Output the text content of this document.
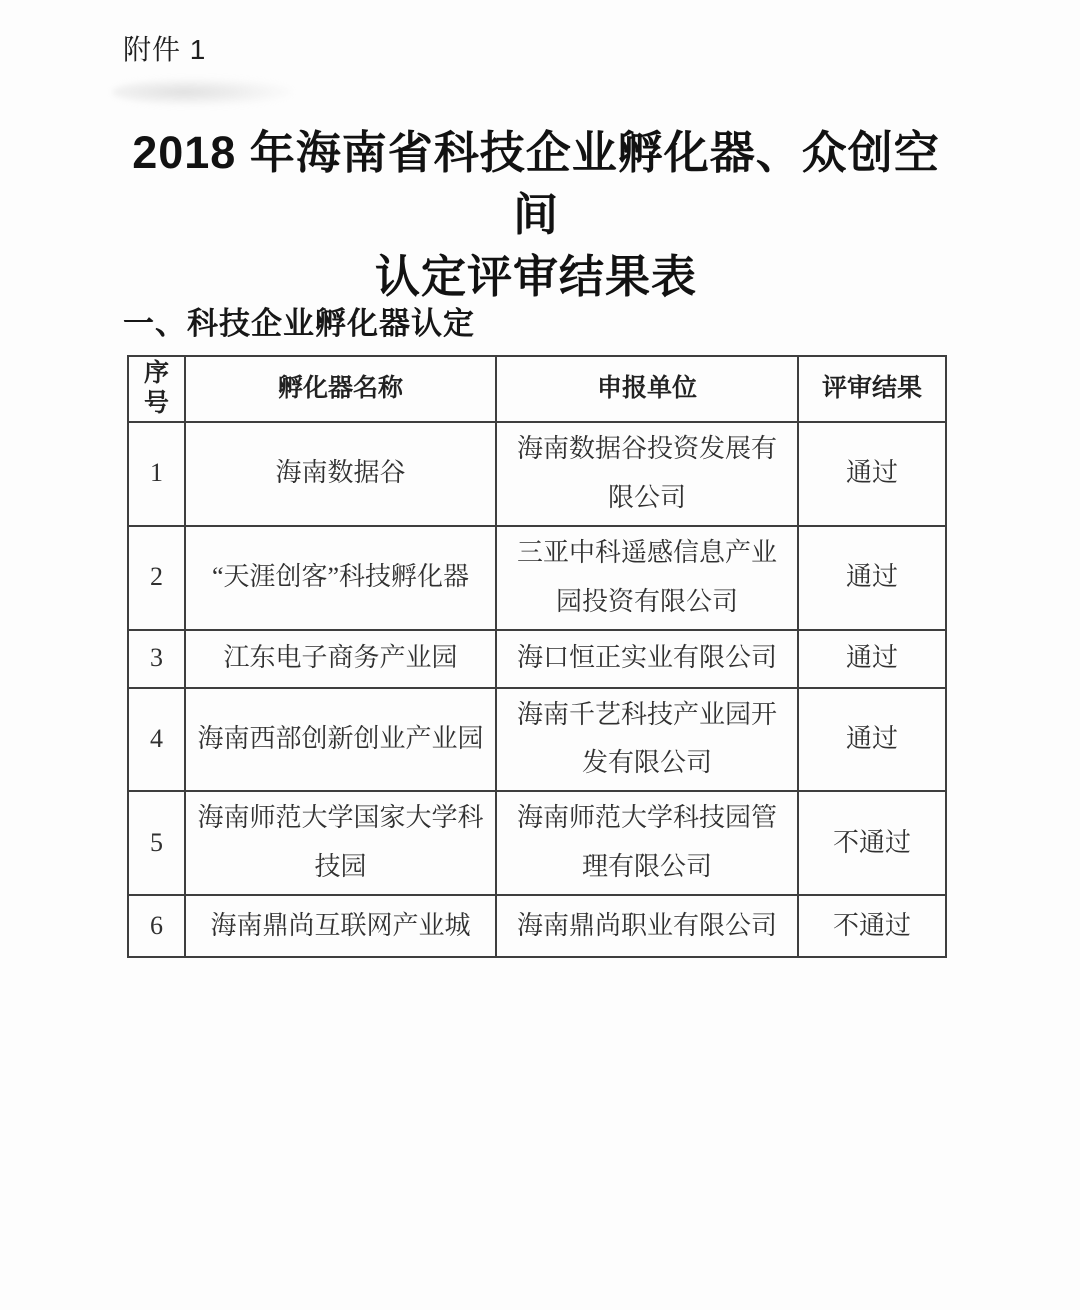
附件 1
2018 年海南省科技企业孵化器、众创空间
认定评审结果表
一、科技企业孵化器认定
序号	孵化器名称	申报单位	评审结果
1	海南数据谷	海南数据谷投资发展有限公司	通过
2	“天涯创客”科技孵化器	三亚中科遥感信息产业园投资有限公司	通过
3	江东电子商务产业园	海口恒正实业有限公司	通过
4	海南西部创新创业产业园	海南千艺科技产业园开发有限公司	通过
5	海南师范大学国家大学科技园	海南师范大学科技园管理有限公司	不通过
6	海南鼎尚互联网产业城	海南鼎尚职业有限公司	不通过
